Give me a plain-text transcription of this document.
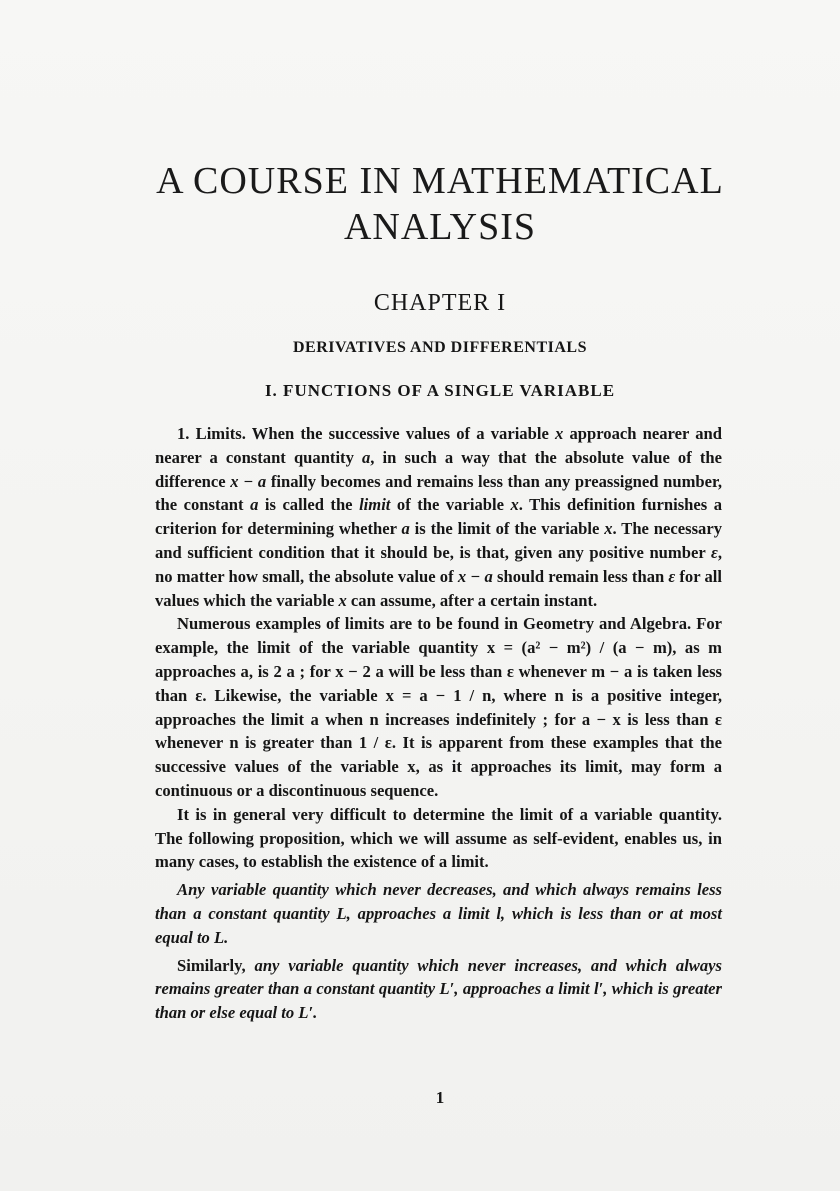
A COURSE IN MATHEMATICAL
ANALYSIS
CHAPTER I
DERIVATIVES AND DIFFERENTIALS
I. FUNCTIONS OF A SINGLE VARIABLE

1. Limits. When the successive values of a variable x approach nearer and nearer a constant quantity a, in such a way that the absolute value of the difference x − a finally becomes and remains less than any preassigned number, the constant a is called the limit of the variable x. This definition furnishes a criterion for determining whether a is the limit of the variable x. The necessary and sufficient condition that it should be, is that, given any positive number ε, no matter how small, the absolute value of x − a should remain less than ε for all values which the variable x can assume, after a certain instant.

Numerous examples of limits are to be found in Geometry and Algebra. For example, the limit of the variable quantity x = (a² − m²) / (a − m), as m approaches a, is 2 a ; for x − 2 a will be less than ε whenever m − a is taken less than ε. Likewise, the variable x = a − 1 / n, where n is a positive integer, approaches the limit a when n increases indefinitely ; for a − x is less than ε whenever n is greater than 1 / ε. It is apparent from these examples that the successive values of the variable x, as it approaches its limit, may form a continuous or a discontinuous sequence.

It is in general very difficult to determine the limit of a variable quantity. The following proposition, which we will assume as self-evident, enables us, in many cases, to establish the existence of a limit.

Any variable quantity which never decreases, and which always remains less than a constant quantity L, approaches a limit l, which is less than or at most equal to L.

Similarly, any variable quantity which never increases, and which always remains greater than a constant quantity L′, approaches a limit l′, which is greater than or else equal to L′.

1
